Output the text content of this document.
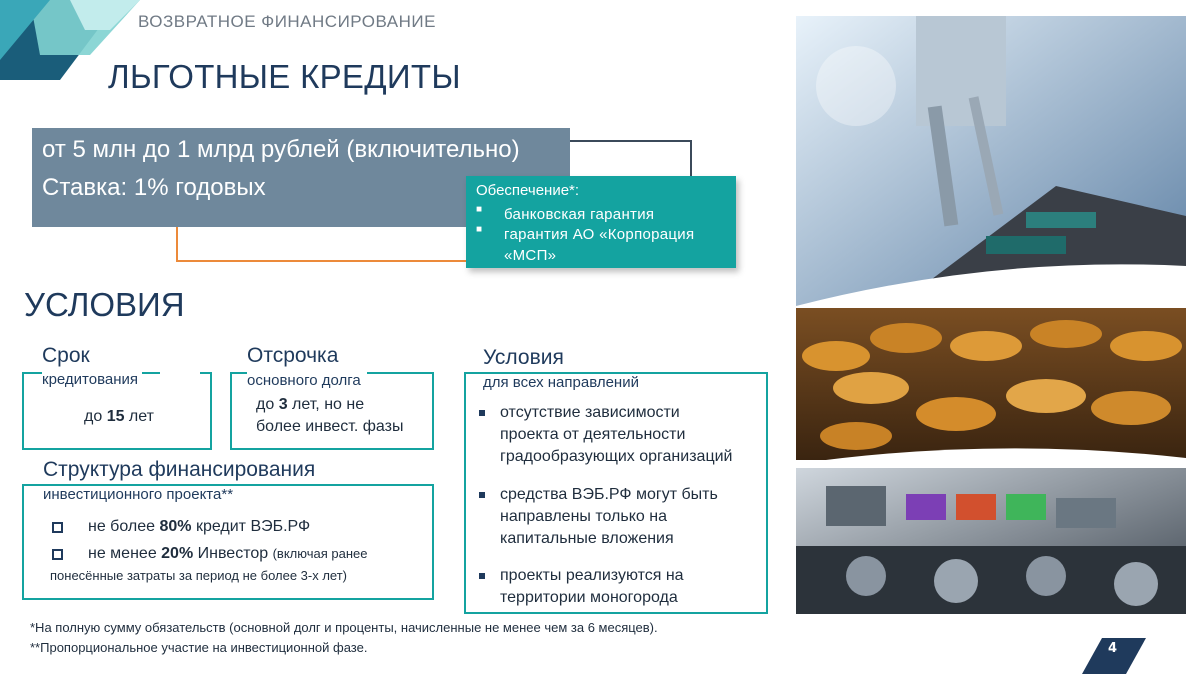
ВОЗВРАТНОЕ ФИНАНСИРОВАНИЕ
ЛЬГОТНЫЕ КРЕДИТЫ
от 5 млн до 1 млрд рублей (включительно)
Ставка: 1% годовых	Обеспечение*:
■ банковская гарантия
■ гарантия АО «Корпорация «МСП»
УСЛОВИЯ
Срок
кредитования
до 15 лет
Отсрочка
основного долга
до 3 лет, но не
более инвест. фазы
Структура финансирования
инвестиционного проекта**
не более 80% кредит ВЭБ.РФ
не менее 20% Инвестор (включая ранее
понесённые затраты за период не более 3-х лет)
Условия
для всех направлений
отсутствие зависимости
проекта от деятельности
градообразующих организаций
средства ВЭБ.РФ могут быть
направлены только на
капитальные вложения
проекты реализуются на
территории моногорода
*На полную сумму обязательств (основной долг и проценты, начисленные не менее чем за 6 месяцев).
**Пропорциональное участие на инвестиционной фазе.	4
